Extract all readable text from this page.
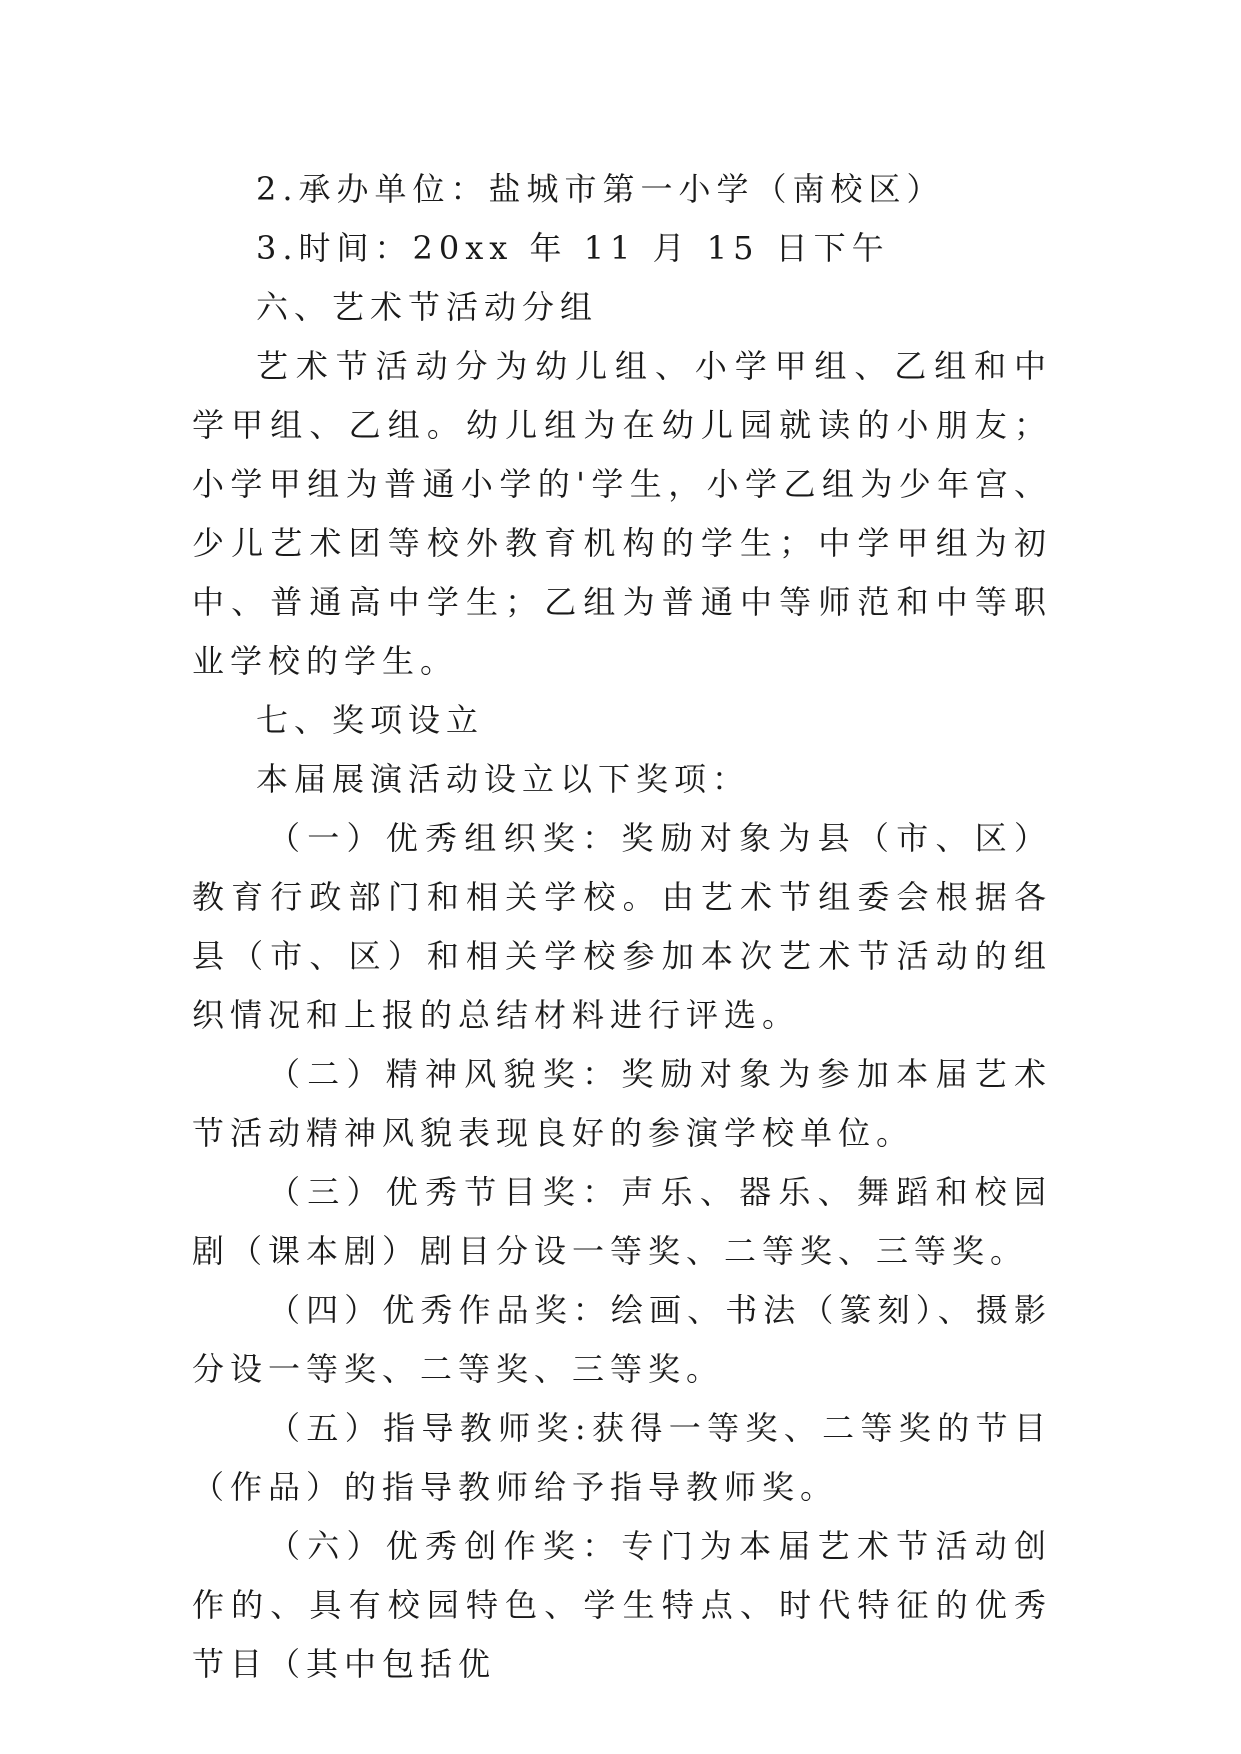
2.承办单位：盐城市第一小学（南校区）

3.时间：20xx 年 11 月 15 日下午

六、艺术节活动分组

艺术节活动分为幼儿组、小学甲组、乙组和中学甲组、乙组。幼儿组为在幼儿园就读的小朋友；小学甲组为普通小学的'学生，小学乙组为少年宫、少儿艺术团等校外教育机构的学生；中学甲组为初中、普通高中学生；乙组为普通中等师范和中等职业学校的学生。

七、奖项设立

本届展演活动设立以下奖项：

（一）优秀组织奖：奖励对象为县（市、区）教育行政部门和相关学校。由艺术节组委会根据各县（市、区）和相关学校参加本次艺术节活动的组织情况和上报的总结材料进行评选。

（二）精神风貌奖：奖励对象为参加本届艺术节活动精神风貌表现良好的参演学校单位。

（三）优秀节目奖：声乐、器乐、舞蹈和校园剧（课本剧）剧目分设一等奖、二等奖、三等奖。

（四）优秀作品奖：绘画、书法（篆刻）、摄影分设一等奖、二等奖、三等奖。

（五）指导教师奖:获得一等奖、二等奖的节目（作品）的指导教师给予指导教师奖。

（六）优秀创作奖：专门为本届艺术节活动创作的、具有校园特色、学生特点、时代特征的优秀节目（其中包括优
